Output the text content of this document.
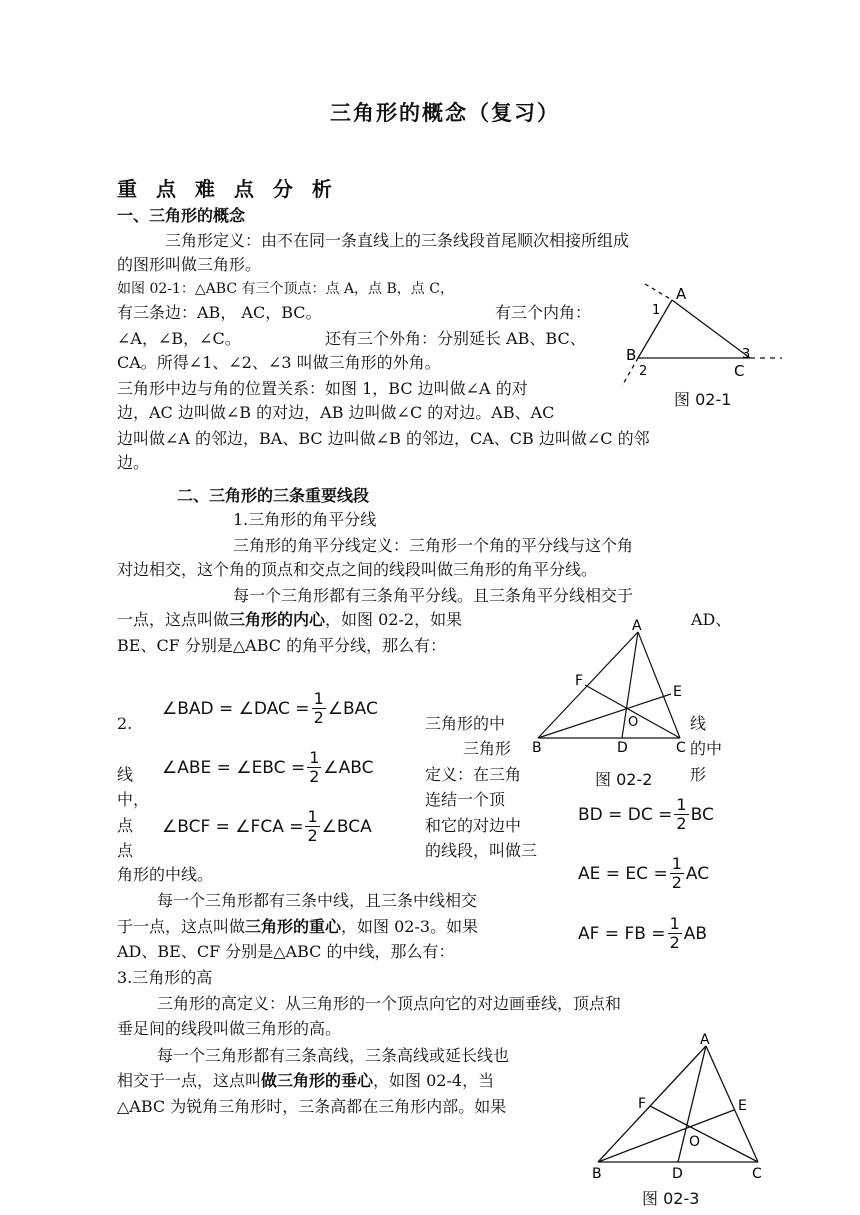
三角形的概念（复习）
重 点 难 点 分 析
一、三角形的概念
三角形定义：由不在同一条直线上的三条线段首尾顺次相接所组成
的图形叫做三角形。
如图 02-1：△ABC 有三个顶点：点 A，点 B，点 C，
有三条边：AB， AC，BC。	有三个内角：
∠A，∠B，∠C。	还有三个外角：分别延长 AB、BC、
CA。所得∠1、∠2、∠3 叫做三角形的外角。
三角形中边与角的位置关系：如图 1，BC 边叫做∠A 的对
边，AC 边叫做∠B 的对边，AB 边叫做∠C 的对边。AB、AC
边叫做∠A 的邻边，BA、BC 边叫做∠B 的邻边，CA、CB 边叫做∠C 的邻
边。
A
1
B
2
3
C
图 02-1
二、三角形的三条重要线段
1.三角形的角平分线
三角形的角平分线定义：三角形一个角的平分线与这个角
对边相交，这个角的顶点和交点之间的线段叫做三角形的角平分线。
每一个三角形都有三条角平分线。且三条角平分线相交于
一点，这点叫做三角形的内心，如图 02-2，如果	AD、
BE、CF 分别是△ABC 的角平分线，那么有：
∠BAD = ∠DAC = $\frac{1}{2}$ ∠BAC
∠ABE = ∠EBC = $\frac{1}{2}$ ∠ABC
∠BCF = ∠FCA = $\frac{1}{2}$ ∠BCA
2.	三角形的中	线
三角形	的中
线	定义：在三角	形
中，	连结一个顶
点	和它的对边中
点	的线段，叫做三
角形的中线。
A
F
E
O
B	D	C
图 02-2
BD = DC = $\frac{1}{2}$ BC
AE = EC = $\frac{1}{2}$ AC
AF = FB = $\frac{1}{2}$ AB
每一个三角形都有三条中线，且三条中线相交
于一点，这点叫做三角形的重心，如图 02-3。如果
AD、BE、CF 分别是△ABC 的中线，那么有：
3.三角形的高
三角形的高定义：从三角形的一个顶点向它的对边画垂线，顶点和
垂足间的线段叫做三角形的高。
每一个三角形都有三条高线，三条高线或延长线也
相交于一点，这点叫做三角形的垂心，如图 02-4，当
△ABC 为锐角三角形时，三条高都在三角形内部。如果
A
F	E
O
B	D	C
图 02-3
